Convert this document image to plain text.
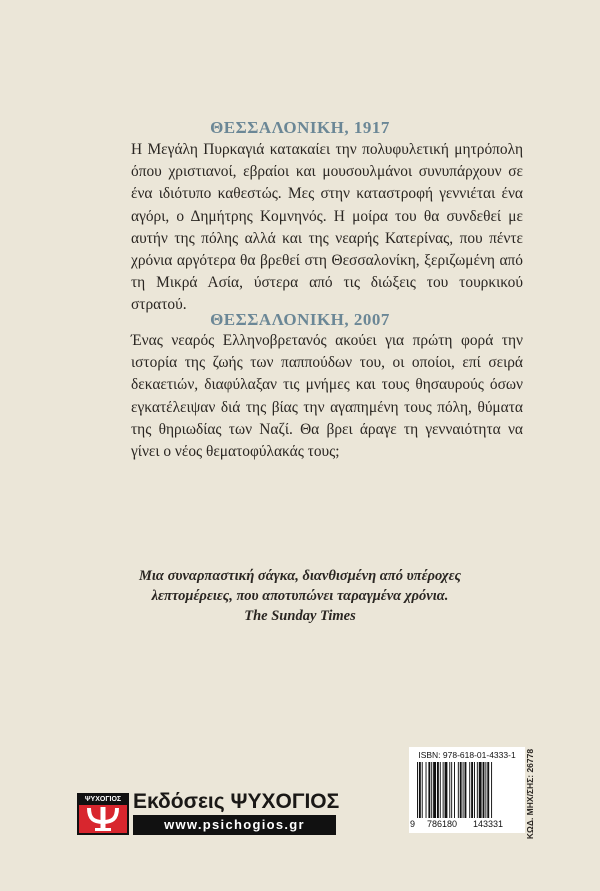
ΘΕΣΣΑΛΟΝΙΚΗ, 1917

Η Μεγάλη Πυρκαγιά κατακαίει την πολυφυλετική μητρόπολη όπου χριστιανοί, εβραίοι και μουσουλμάνοι συνυπάρχουν σε ένα ιδιότυπο καθεστώς. Μες στην καταστροφή γεννιέται ένα αγόρι, ο Δημήτρης Κομνηνός. Η μοίρα του θα συνδεθεί με αυτήν της πόλης αλλά και της νεαρής Κατερίνας, που πέντε χρόνια αργότερα θα βρεθεί στη Θεσσαλονίκη, ξεριζωμένη από τη Μικρά Ασία, ύστερα από τις διώξεις του τουρκικού στρατού.

ΘΕΣΣΑΛΟΝΙΚΗ, 2007

Ένας νεαρός Ελληνοβρετανός ακούει για πρώτη φορά την ιστορία της ζωής των παππούδων του, οι οποίοι, επί σειρά δεκαετιών, διαφύλαξαν τις μνήμες και τους θησαυρούς όσων εγκατέλειψαν διά της βίας την αγαπημένη τους πόλη, θύματα της θηριωδίας των Ναζί. Θα βρει άραγε τη γενναιότητα να γίνει ο νέος θεματοφύλακάς τους;

Μια συναρπαστική σάγκα, διανθισμένη από υπέροχες
λεπτομέρειες, που αποτυπώνει ταραγμένα χρόνια.
The Sunday Times
ISBN: 978-618-01-4333-1
9 786180 143331	ΚΩΔ. ΜΗΧ/ΣΗΣ: 26778
ΨΥΧΟΓΙΟΣ Εκδόσεις ΨΥΧΟΓΙΟΣ
www.psichogios.gr
